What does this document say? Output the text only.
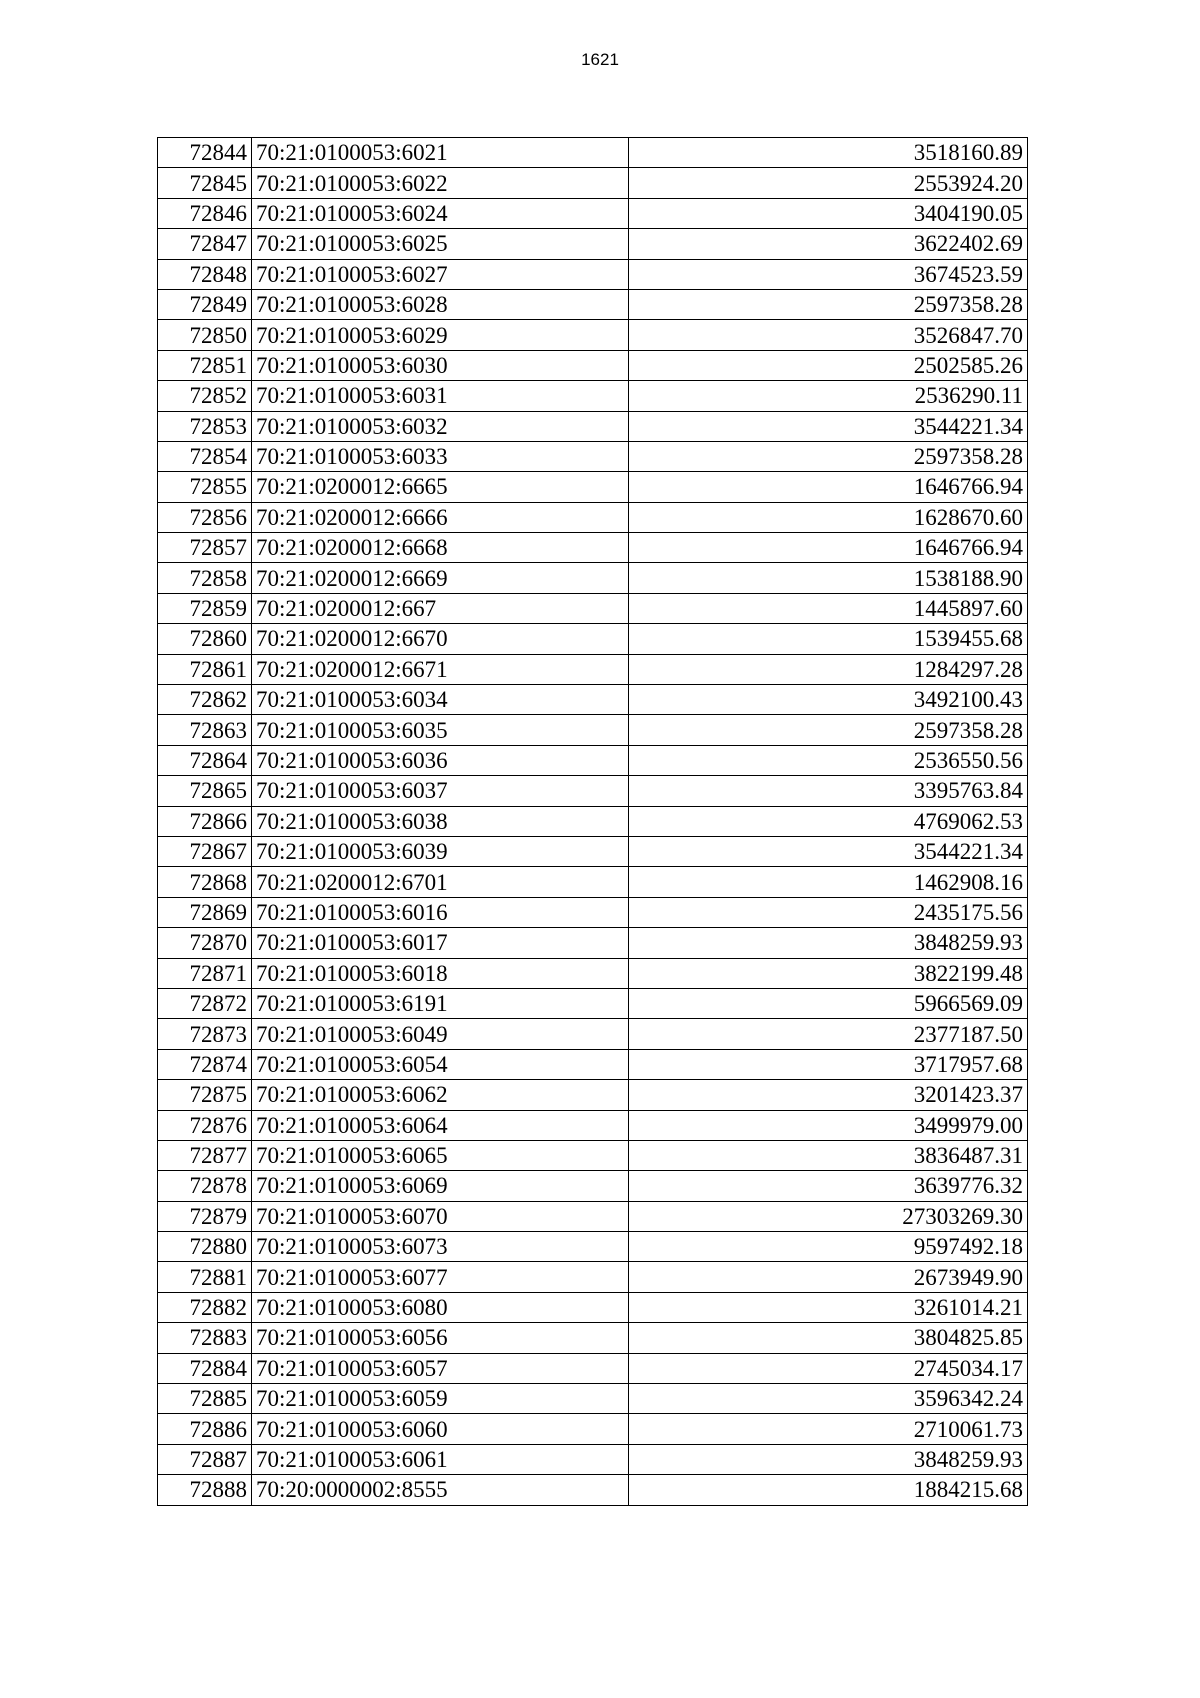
1621
72844	70:21:0100053:6021	3518160.89
72845	70:21:0100053:6022	2553924.20
72846	70:21:0100053:6024	3404190.05
72847	70:21:0100053:6025	3622402.69
72848	70:21:0100053:6027	3674523.59
72849	70:21:0100053:6028	2597358.28
72850	70:21:0100053:6029	3526847.70
72851	70:21:0100053:6030	2502585.26
72852	70:21:0100053:6031	2536290.11
72853	70:21:0100053:6032	3544221.34
72854	70:21:0100053:6033	2597358.28
72855	70:21:0200012:6665	1646766.94
72856	70:21:0200012:6666	1628670.60
72857	70:21:0200012:6668	1646766.94
72858	70:21:0200012:6669	1538188.90
72859	70:21:0200012:667	1445897.60
72860	70:21:0200012:6670	1539455.68
72861	70:21:0200012:6671	1284297.28
72862	70:21:0100053:6034	3492100.43
72863	70:21:0100053:6035	2597358.28
72864	70:21:0100053:6036	2536550.56
72865	70:21:0100053:6037	3395763.84
72866	70:21:0100053:6038	4769062.53
72867	70:21:0100053:6039	3544221.34
72868	70:21:0200012:6701	1462908.16
72869	70:21:0100053:6016	2435175.56
72870	70:21:0100053:6017	3848259.93
72871	70:21:0100053:6018	3822199.48
72872	70:21:0100053:6191	5966569.09
72873	70:21:0100053:6049	2377187.50
72874	70:21:0100053:6054	3717957.68
72875	70:21:0100053:6062	3201423.37
72876	70:21:0100053:6064	3499979.00
72877	70:21:0100053:6065	3836487.31
72878	70:21:0100053:6069	3639776.32
72879	70:21:0100053:6070	27303269.30
72880	70:21:0100053:6073	9597492.18
72881	70:21:0100053:6077	2673949.90
72882	70:21:0100053:6080	3261014.21
72883	70:21:0100053:6056	3804825.85
72884	70:21:0100053:6057	2745034.17
72885	70:21:0100053:6059	3596342.24
72886	70:21:0100053:6060	2710061.73
72887	70:21:0100053:6061	3848259.93
72888	70:20:0000002:8555	1884215.68
